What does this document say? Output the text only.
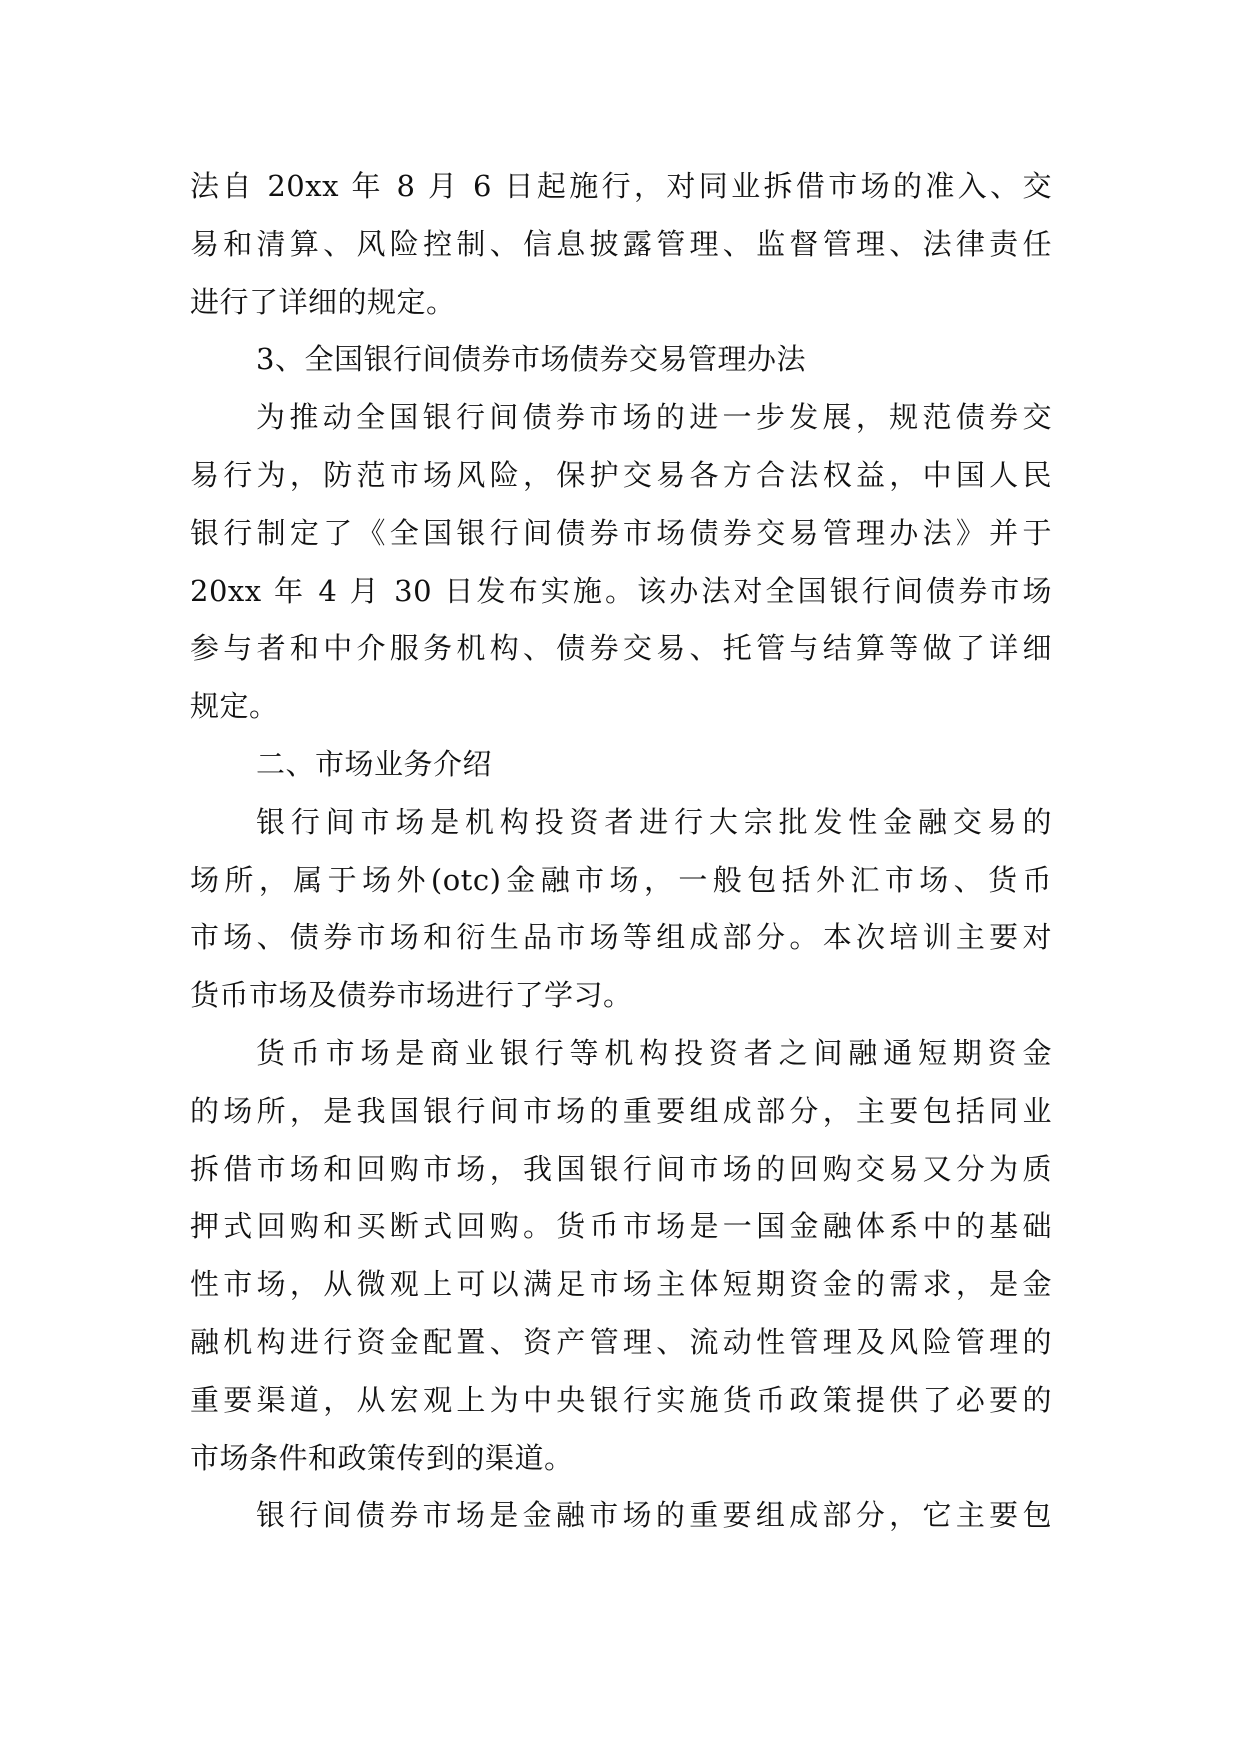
法自 20xx 年 8 月 6 日起施行，对同业拆借市场的准入、交
易和清算、风险控制、信息披露管理、监督管理、法律责任
进行了详细的规定。
3、全国银行间债券市场债券交易管理办法
为推动全国银行间债券市场的进一步发展，规范债券交
易行为，防范市场风险，保护交易各方合法权益，中国人民
银行制定了《全国银行间债券市场债券交易管理办法》并于
20xx 年 4 月 30 日发布实施。该办法对全国银行间债券市场
参与者和中介服务机构、债券交易、托管与结算等做了详细
规定。
二、市场业务介绍
银行间市场是机构投资者进行大宗批发性金融交易的
场所，属于场外(otc)金融市场，一般包括外汇市场、货币
市场、债券市场和衍生品市场等组成部分。本次培训主要对
货币市场及债券市场进行了学习。
货币市场是商业银行等机构投资者之间融通短期资金
的场所，是我国银行间市场的重要组成部分，主要包括同业
拆借市场和回购市场，我国银行间市场的回购交易又分为质
押式回购和买断式回购。货币市场是一国金融体系中的基础
性市场，从微观上可以满足市场主体短期资金的需求，是金
融机构进行资金配置、资产管理、流动性管理及风险管理的
重要渠道，从宏观上为中央银行实施货币政策提供了必要的
市场条件和政策传到的渠道。
银行间债券市场是金融市场的重要组成部分，它主要包
